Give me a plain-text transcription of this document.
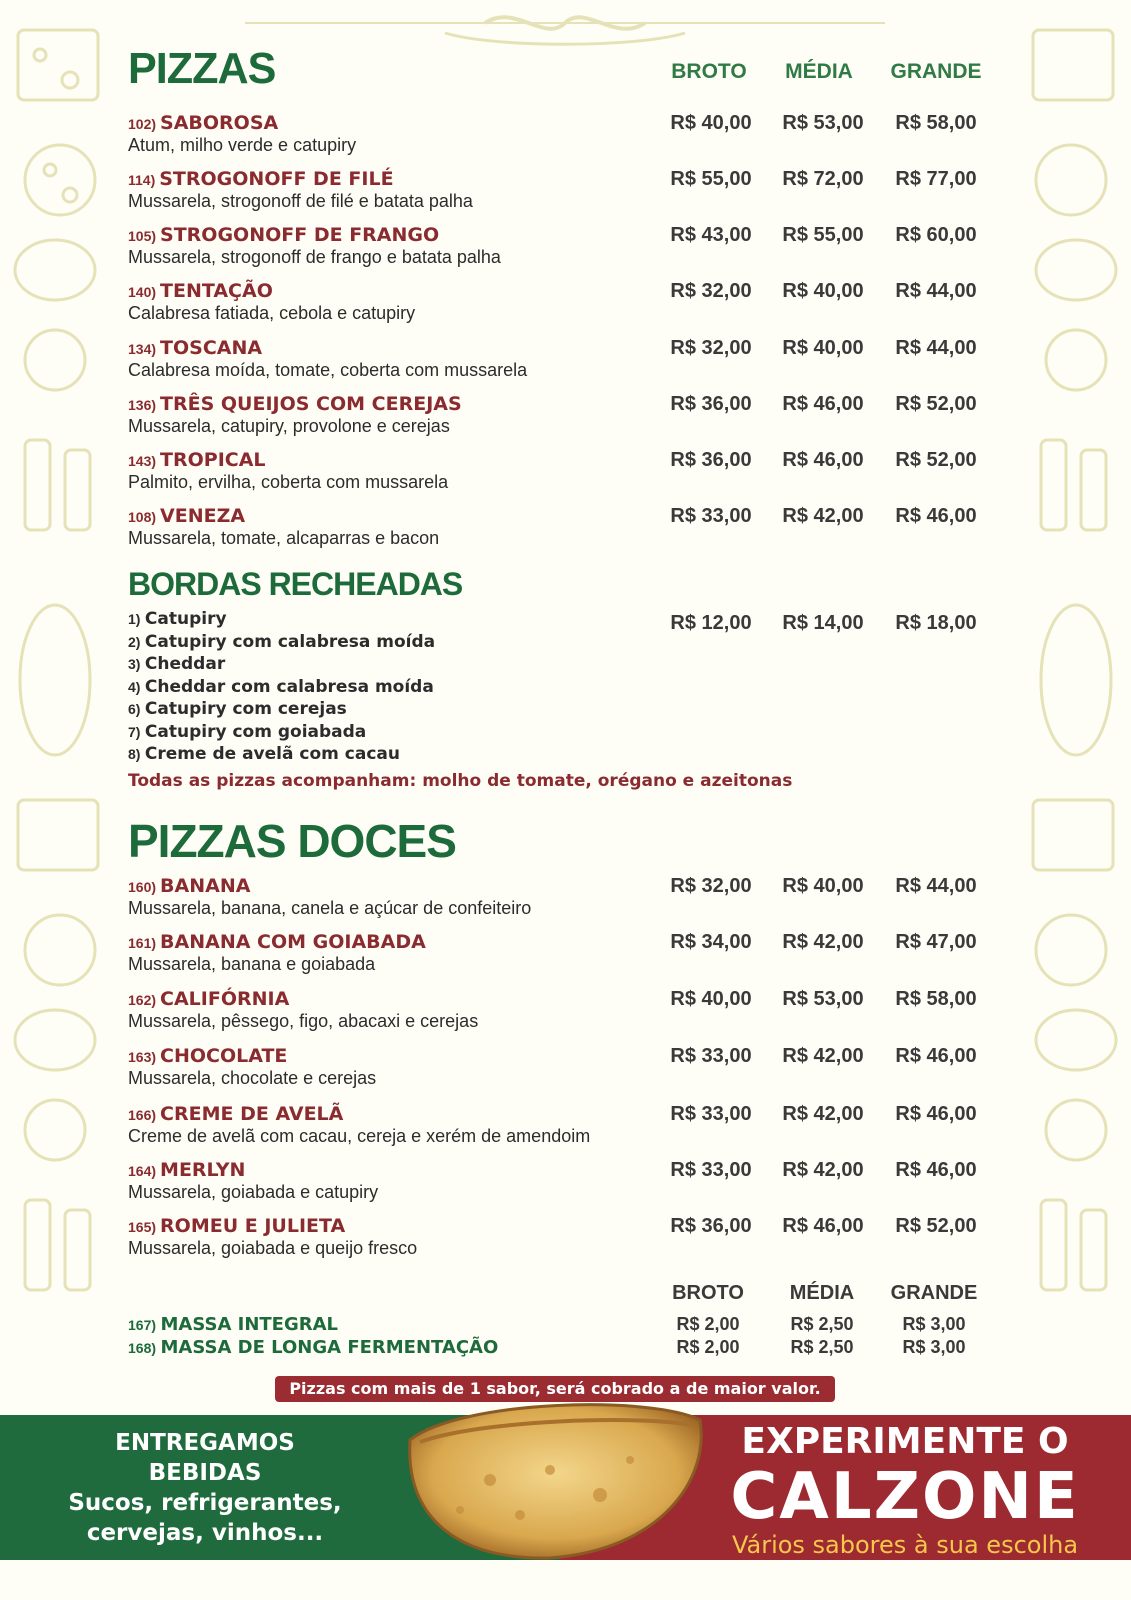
PIZZAS	BROTO	MÉDIA	GRANDE
102) SABOROSA
Atum, milho verde e catupiry
R$ 40,00	R$ 53,00	R$ 58,00
114) STROGONOFF DE FILÉ
Mussarela, strogonoff de filé e batata palha
R$ 55,00	R$ 72,00	R$ 77,00
105) STROGONOFF DE FRANGO
Mussarela, strogonoff de frango e batata palha
R$ 43,00	R$ 55,00	R$ 60,00
140) TENTAÇÃO
Calabresa fatiada, cebola e catupiry
R$ 32,00	R$ 40,00	R$ 44,00
134) TOSCANA
Calabresa moída, tomate, coberta com mussarela
R$ 32,00	R$ 40,00	R$ 44,00
136) TRÊS QUEIJOS COM CEREJAS
Mussarela, catupiry, provolone e cerejas
R$ 36,00	R$ 46,00	R$ 52,00
143) TROPICAL
Palmito, ervilha, coberta com mussarela
R$ 36,00	R$ 46,00	R$ 52,00
108) VENEZA
Mussarela, tomate, alcaparras e bacon
R$ 33,00	R$ 42,00	R$ 46,00
BORDAS RECHEADAS
R$ 12,00	R$ 14,00	R$ 18,00
1) Catupiry
2) Catupiry com calabresa moída
3) Cheddar
4) Cheddar com calabresa moída
6) Catupiry com cerejas
7) Catupiry com goiabada
8) Creme de avelã com cacau
Todas as pizzas acompanham: molho de tomate, orégano e azeitonas
PIZZAS DOCES
160) BANANA
Mussarela, banana, canela e açúcar de confeiteiro
R$ 32,00	R$ 40,00	R$ 44,00
161) BANANA COM GOIABADA
Mussarela, banana e goiabada
R$ 34,00	R$ 42,00	R$ 47,00
162) CALIFÓRNIA
Mussarela, pêssego, figo, abacaxi e cerejas
R$ 40,00	R$ 53,00	R$ 58,00
163) CHOCOLATE
Mussarela, chocolate e cerejas
R$ 33,00	R$ 42,00	R$ 46,00
166) CREME DE AVELÃ
Creme de avelã com cacau, cereja e xerém de amendoim
R$ 33,00	R$ 42,00	R$ 46,00
164) MERLYN
Mussarela, goiabada e catupiry
R$ 33,00	R$ 42,00	R$ 46,00
165) ROMEU E JULIETA
Mussarela, goiabada e queijo fresco
R$ 36,00	R$ 46,00	R$ 52,00
BROTO	MÉDIA	GRANDE
167) MASSA INTEGRAL	R$ 2,00	R$ 2,50	R$ 3,00
168) MASSA DE LONGA FERMENTAÇÃO	R$ 2,00	R$ 2,50	R$ 3,00
Pizzas com mais de 1 sabor, será cobrado a de maior valor.
ENTREGAMOS
BEBIDAS
Sucos, refrigerantes,
cervejas, vinhos...
EXPERIMENTE O
CALZONE
Vários sabores à sua escolha
